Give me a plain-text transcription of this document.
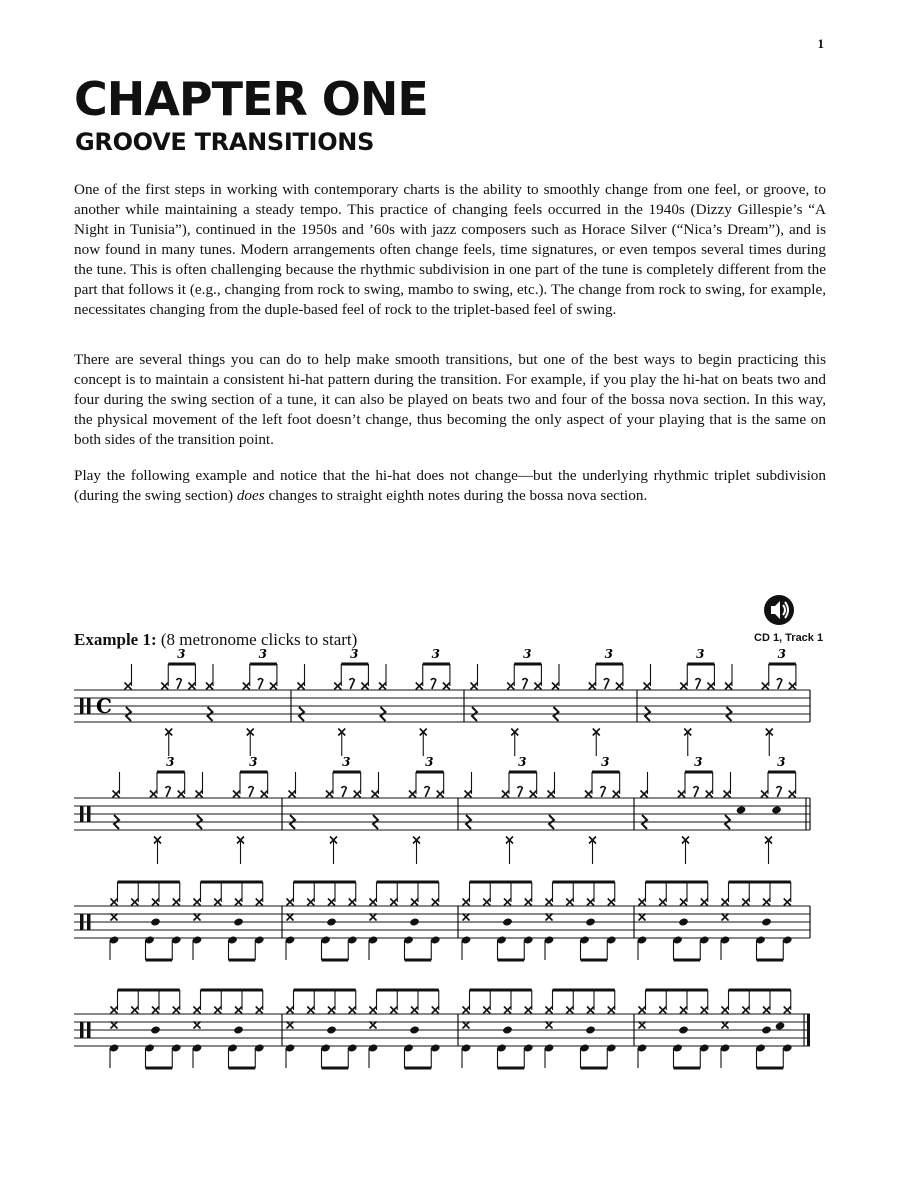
1
CHAPTER ONE
GROOVE TRANSITIONS

One of the first steps in working with contemporary charts is the ability to smoothly change from one feel, or groove, to another while maintaining a steady tempo. This practice of changing feels occurred in the 1940s (Dizzy Gillespie’s “A Night in Tunisia”), continued in the 1950s and ’60s with jazz composers such as Horace Silver (“Nica’s Dream”), and is now found in many tunes. Modern arrangements often change feels, time signatures, or even tempos several times during the tune. This is often challenging because the rhythmic subdivision in one part of the tune is completely different from the part that follows it (e.g., changing from rock to swing, mambo to swing, etc.). The change from rock to swing, for example, necessitates changing from the duple-based feel of rock to the triplet-based feel of swing.

There are several things you can do to help make smooth transitions, but one of the best ways to begin practicing this concept is to maintain a consistent hi-hat pattern during the transition. For example, if you play the hi-hat on beats two and four during the swing section of a tune, it can also be played on beats two and four of the bossa nova section. In this way, the physical movement of the left foot doesn’t change, thus becoming the only aspect of your playing that is the same on both sides of the transition point.

Play the following example and notice that the hi-hat does not change—but the underlying rhythmic triplet subdivision (during the swing section) does changes to straight eighth notes during the bossa nova section.

Example 1: (8 metronome clicks to start)	CD 1, Track 1
C
3	3	3	3	3	3	3	3
3	3	3	3	3	3	3	3
